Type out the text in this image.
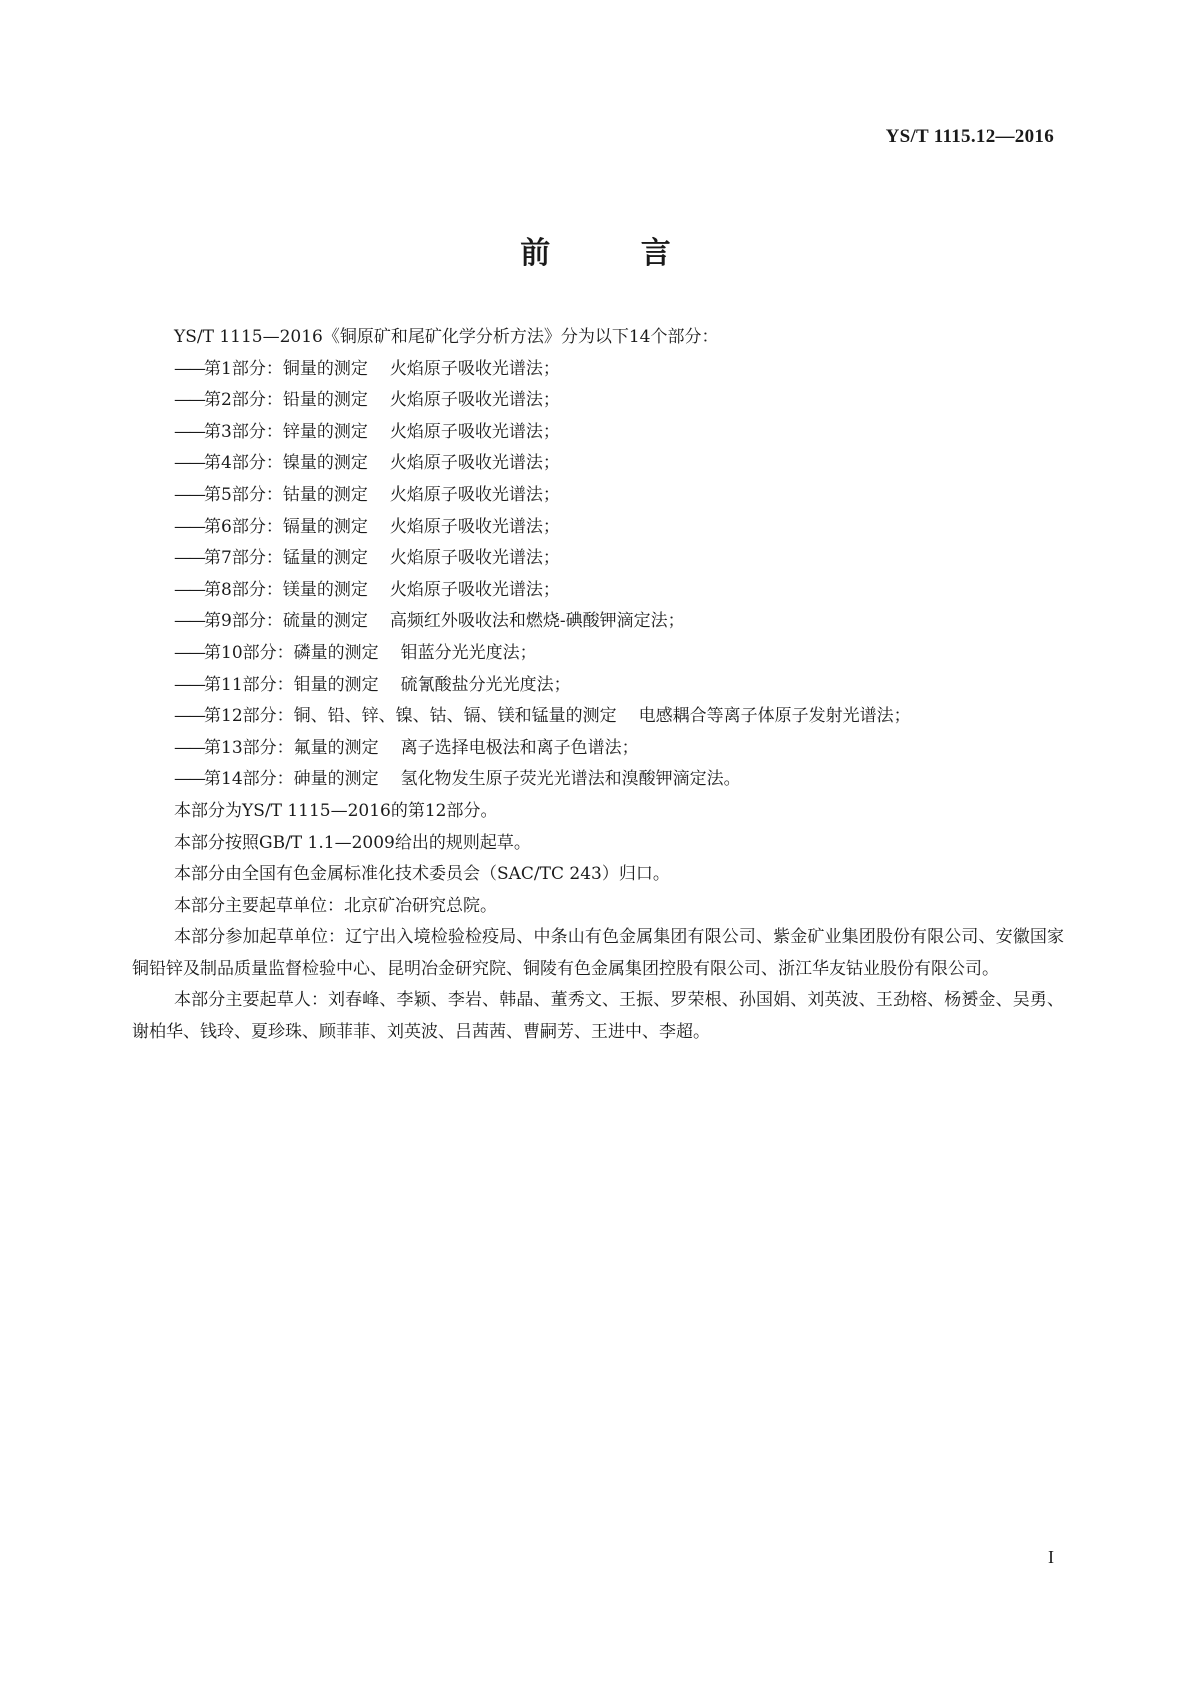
YS/T 1115.12—2016
前 言

YS/T 1115—2016《铜原矿和尾矿化学分析方法》分为以下14个部分：

——第1部分：铜量的测定 火焰原子吸收光谱法；
——第2部分：铅量的测定 火焰原子吸收光谱法；
——第3部分：锌量的测定 火焰原子吸收光谱法；
——第4部分：镍量的测定 火焰原子吸收光谱法；
——第5部分：钴量的测定 火焰原子吸收光谱法；
——第6部分：镉量的测定 火焰原子吸收光谱法；
——第7部分：锰量的测定 火焰原子吸收光谱法；
——第8部分：镁量的测定 火焰原子吸收光谱法；
——第9部分：硫量的测定 高频红外吸收法和燃烧-碘酸钾滴定法；
——第10部分：磷量的测定 钼蓝分光光度法；
——第11部分：钼量的测定 硫氰酸盐分光光度法；
——第12部分：铜、铅、锌、镍、钴、镉、镁和锰量的测定 电感耦合等离子体原子发射光谱法；
——第13部分：氟量的测定 离子选择电极法和离子色谱法；
——第14部分：砷量的测定 氢化物发生原子荧光光谱法和溴酸钾滴定法。

本部分为YS/T 1115—2016的第12部分。

本部分按照GB/T 1.1—2009给出的规则起草。

本部分由全国有色金属标准化技术委员会（SAC/TC 243）归口。

本部分主要起草单位：北京矿冶研究总院。

本部分参加起草单位：辽宁出入境检验检疫局、中条山有色金属集团有限公司、紫金矿业集团股份有限公司、安徽国家铜铅锌及制品质量监督检验中心、昆明冶金研究院、铜陵有色金属集团控股有限公司、浙江华友钴业股份有限公司。

本部分主要起草人：刘春峰、李颖、李岩、韩晶、董秀文、王振、罗荣根、孙国娟、刘英波、王劲榕、杨赟金、吴勇、谢柏华、钱玲、夏珍珠、顾菲菲、刘英波、吕茜茜、曹嗣芳、王进中、李超。

I
